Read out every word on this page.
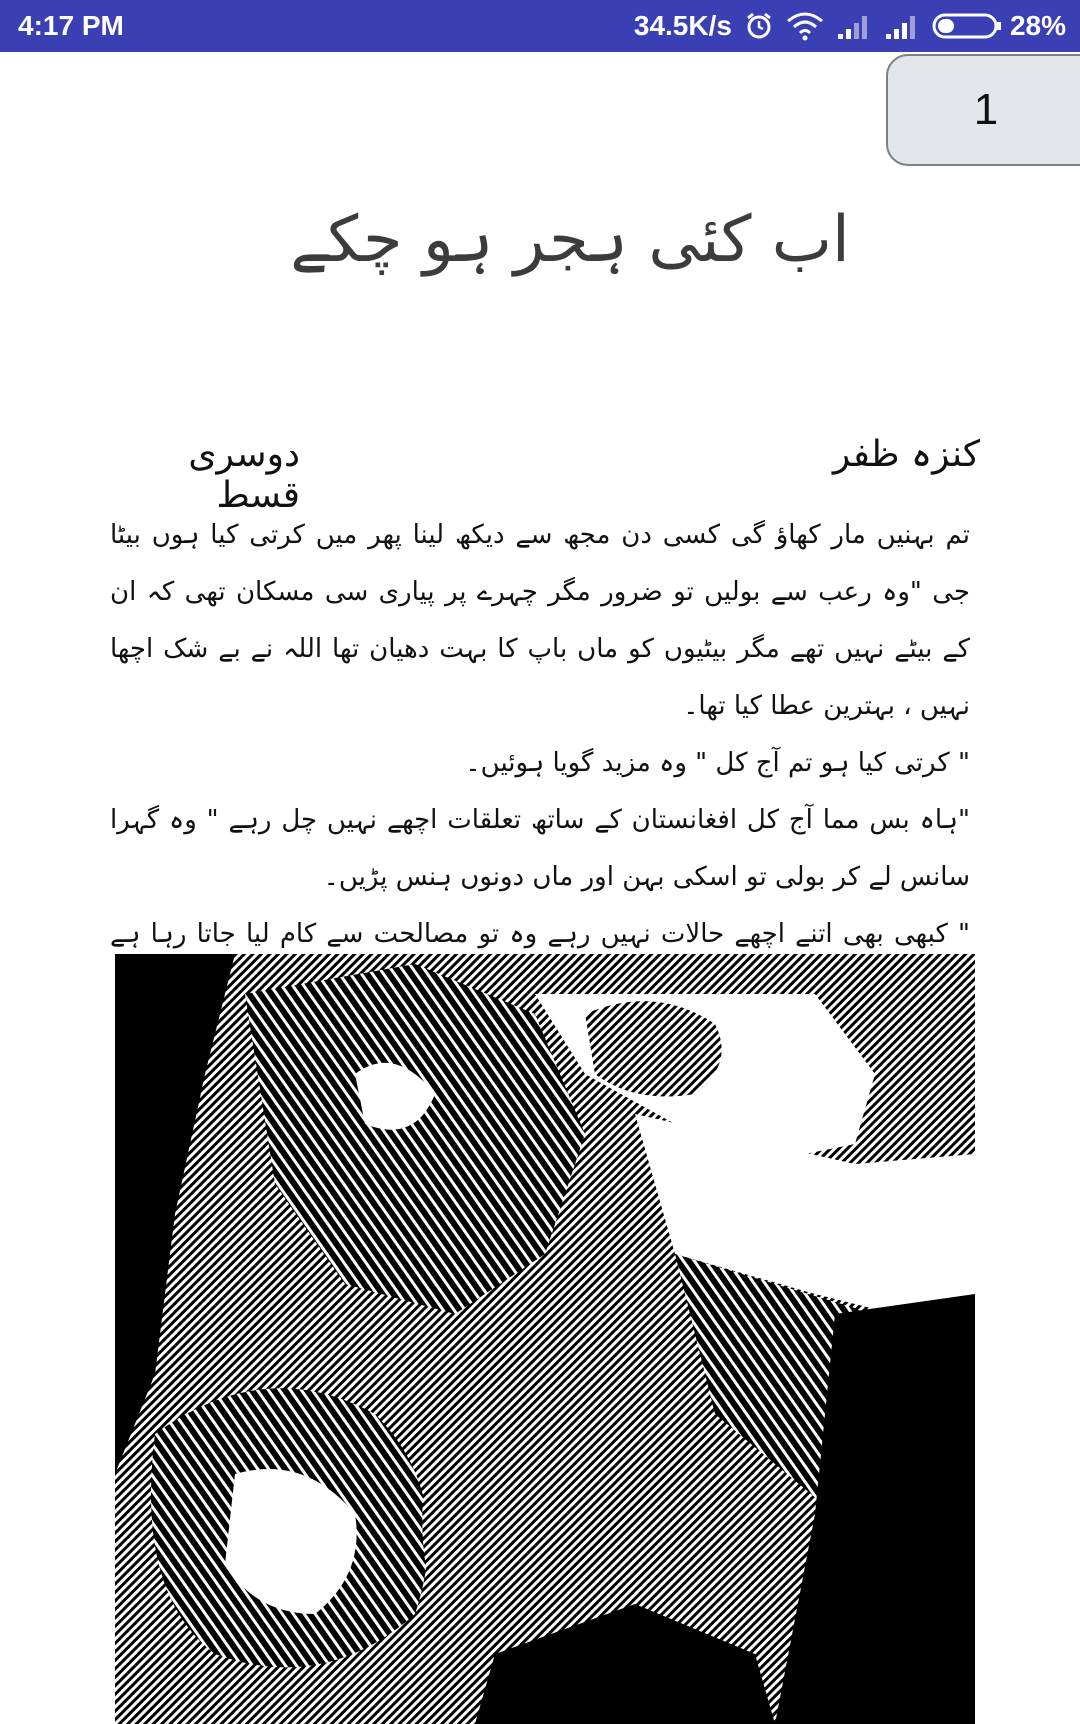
4:17 PM	34.5K/s	28%
1
اب کئی ہجر ہو چکے
کنزہ ظفر
دوسری قسط

تم بہنیں مار کھاؤ گی کسی دن مجھ سے دیکھ لینا پھر میں کرتی کیا ہوں بیٹا جی "وہ رعب سے بولیں تو ضرور مگر چہرے پر پیاری سی مسکان تھی کہ ان کے بیٹے نہیں تھے مگر بیٹیوں کو ماں باپ کا بہت دھیان تھا اللہ نے بے شک اچھا نہیں ، بہترین عطا کیا تھا۔

" کرتی کیا ہو تم آج کل " وہ مزید گویا ہوئیں۔

"ہاہ بس مما آج کل افغانستان کے ساتھ تعلقات اچھے نہیں چل رہے " وہ گہرا سانس لے کر بولی تو اسکی بہن اور ماں دونوں ہنس پڑیں۔

" کبھی بھی اتنے اچھے حالات نہیں رہے وہ تو مصالحت سے کام لیا جاتا رہا ہے
